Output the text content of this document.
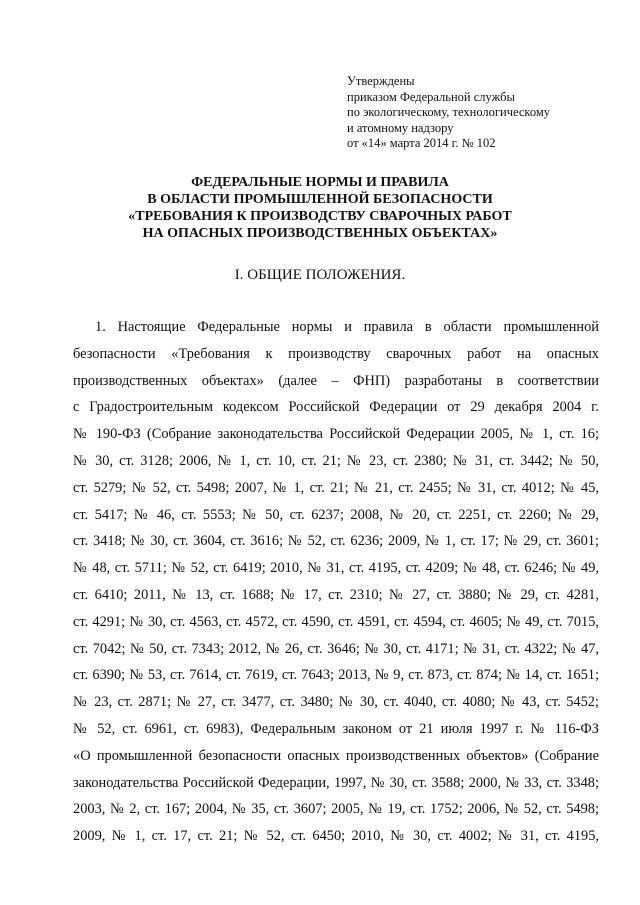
Утверждены
приказом Федеральной службы
по экологическому, технологическому
и атомному надзору
от «14» марта 2014 г. № 102
ФЕДЕРАЛЬНЫЕ НОРМЫ И ПРАВИЛА
В ОБЛАСТИ ПРОМЫШЛЕННОЙ БЕЗОПАСНОСТИ
«ТРЕБОВАНИЯ К ПРОИЗВОДСТВУ СВАРОЧНЫХ РАБОТ
НА ОПАСНЫХ ПРОИЗВОДСТВЕННЫХ ОБЪЕКТАХ»
I. ОБЩИЕ ПОЛОЖЕНИЯ.
1. Настоящие Федеральные нормы и правила в области промышленной
безопасности «Требования к производству сварочных работ на опасных
производственных объектах» (далее – ФНП) разработаны в соответствии
с Градостроительным кодексом Российской Федерации от 29 декабря 2004 г.
№ 190-ФЗ (Собрание законодательства Российской Федерации 2005, № 1, ст. 16;
№ 30, ст. 3128; 2006, № 1, ст. 10, ст. 21; № 23, ст. 2380; № 31, ст. 3442; № 50,
ст. 5279; № 52, ст. 5498; 2007, № 1, ст. 21; № 21, ст. 2455; № 31, ст. 4012; № 45,
ст. 5417; № 46, ст. 5553; № 50, ст. 6237; 2008, № 20, ст. 2251, ст. 2260; № 29,
ст. 3418; № 30, ст. 3604, ст. 3616; № 52, ст. 6236; 2009, № 1, ст. 17; № 29, ст. 3601;
№ 48, ст. 5711; № 52, ст. 6419; 2010, № 31, ст. 4195, ст. 4209; № 48, ст. 6246; № 49,
ст. 6410; 2011, № 13, ст. 1688; № 17, ст. 2310; № 27, ст. 3880; № 29, ст. 4281,
ст. 4291; № 30, ст. 4563, ст. 4572, ст. 4590, ст. 4591, ст. 4594, ст. 4605; № 49, ст. 7015,
ст. 7042; № 50, ст. 7343; 2012, № 26, ст. 3646; № 30, ст. 4171; № 31, ст. 4322; № 47,
ст. 6390; № 53, ст. 7614, ст. 7619, ст. 7643; 2013, № 9, ст. 873, ст. 874; № 14, ст. 1651;
№ 23, ст. 2871; № 27, ст. 3477, ст. 3480; № 30, ст. 4040, ст. 4080; № 43, ст. 5452;
№ 52, ст. 6961, ст. 6983), Федеральным законом от 21 июля 1997 г. № 116-ФЗ
«О промышленной безопасности опасных производственных объектов» (Собрание
законодательства Российской Федерации, 1997, № 30, ст. 3588; 2000, № 33, ст. 3348;
2003, № 2, ст. 167; 2004, № 35, ст. 3607; 2005, № 19, ст. 1752; 2006, № 52, ст. 5498;
2009, № 1, ст. 17, ст. 21; № 52, ст. 6450; 2010, № 30, ст. 4002; № 31, ст. 4195,
